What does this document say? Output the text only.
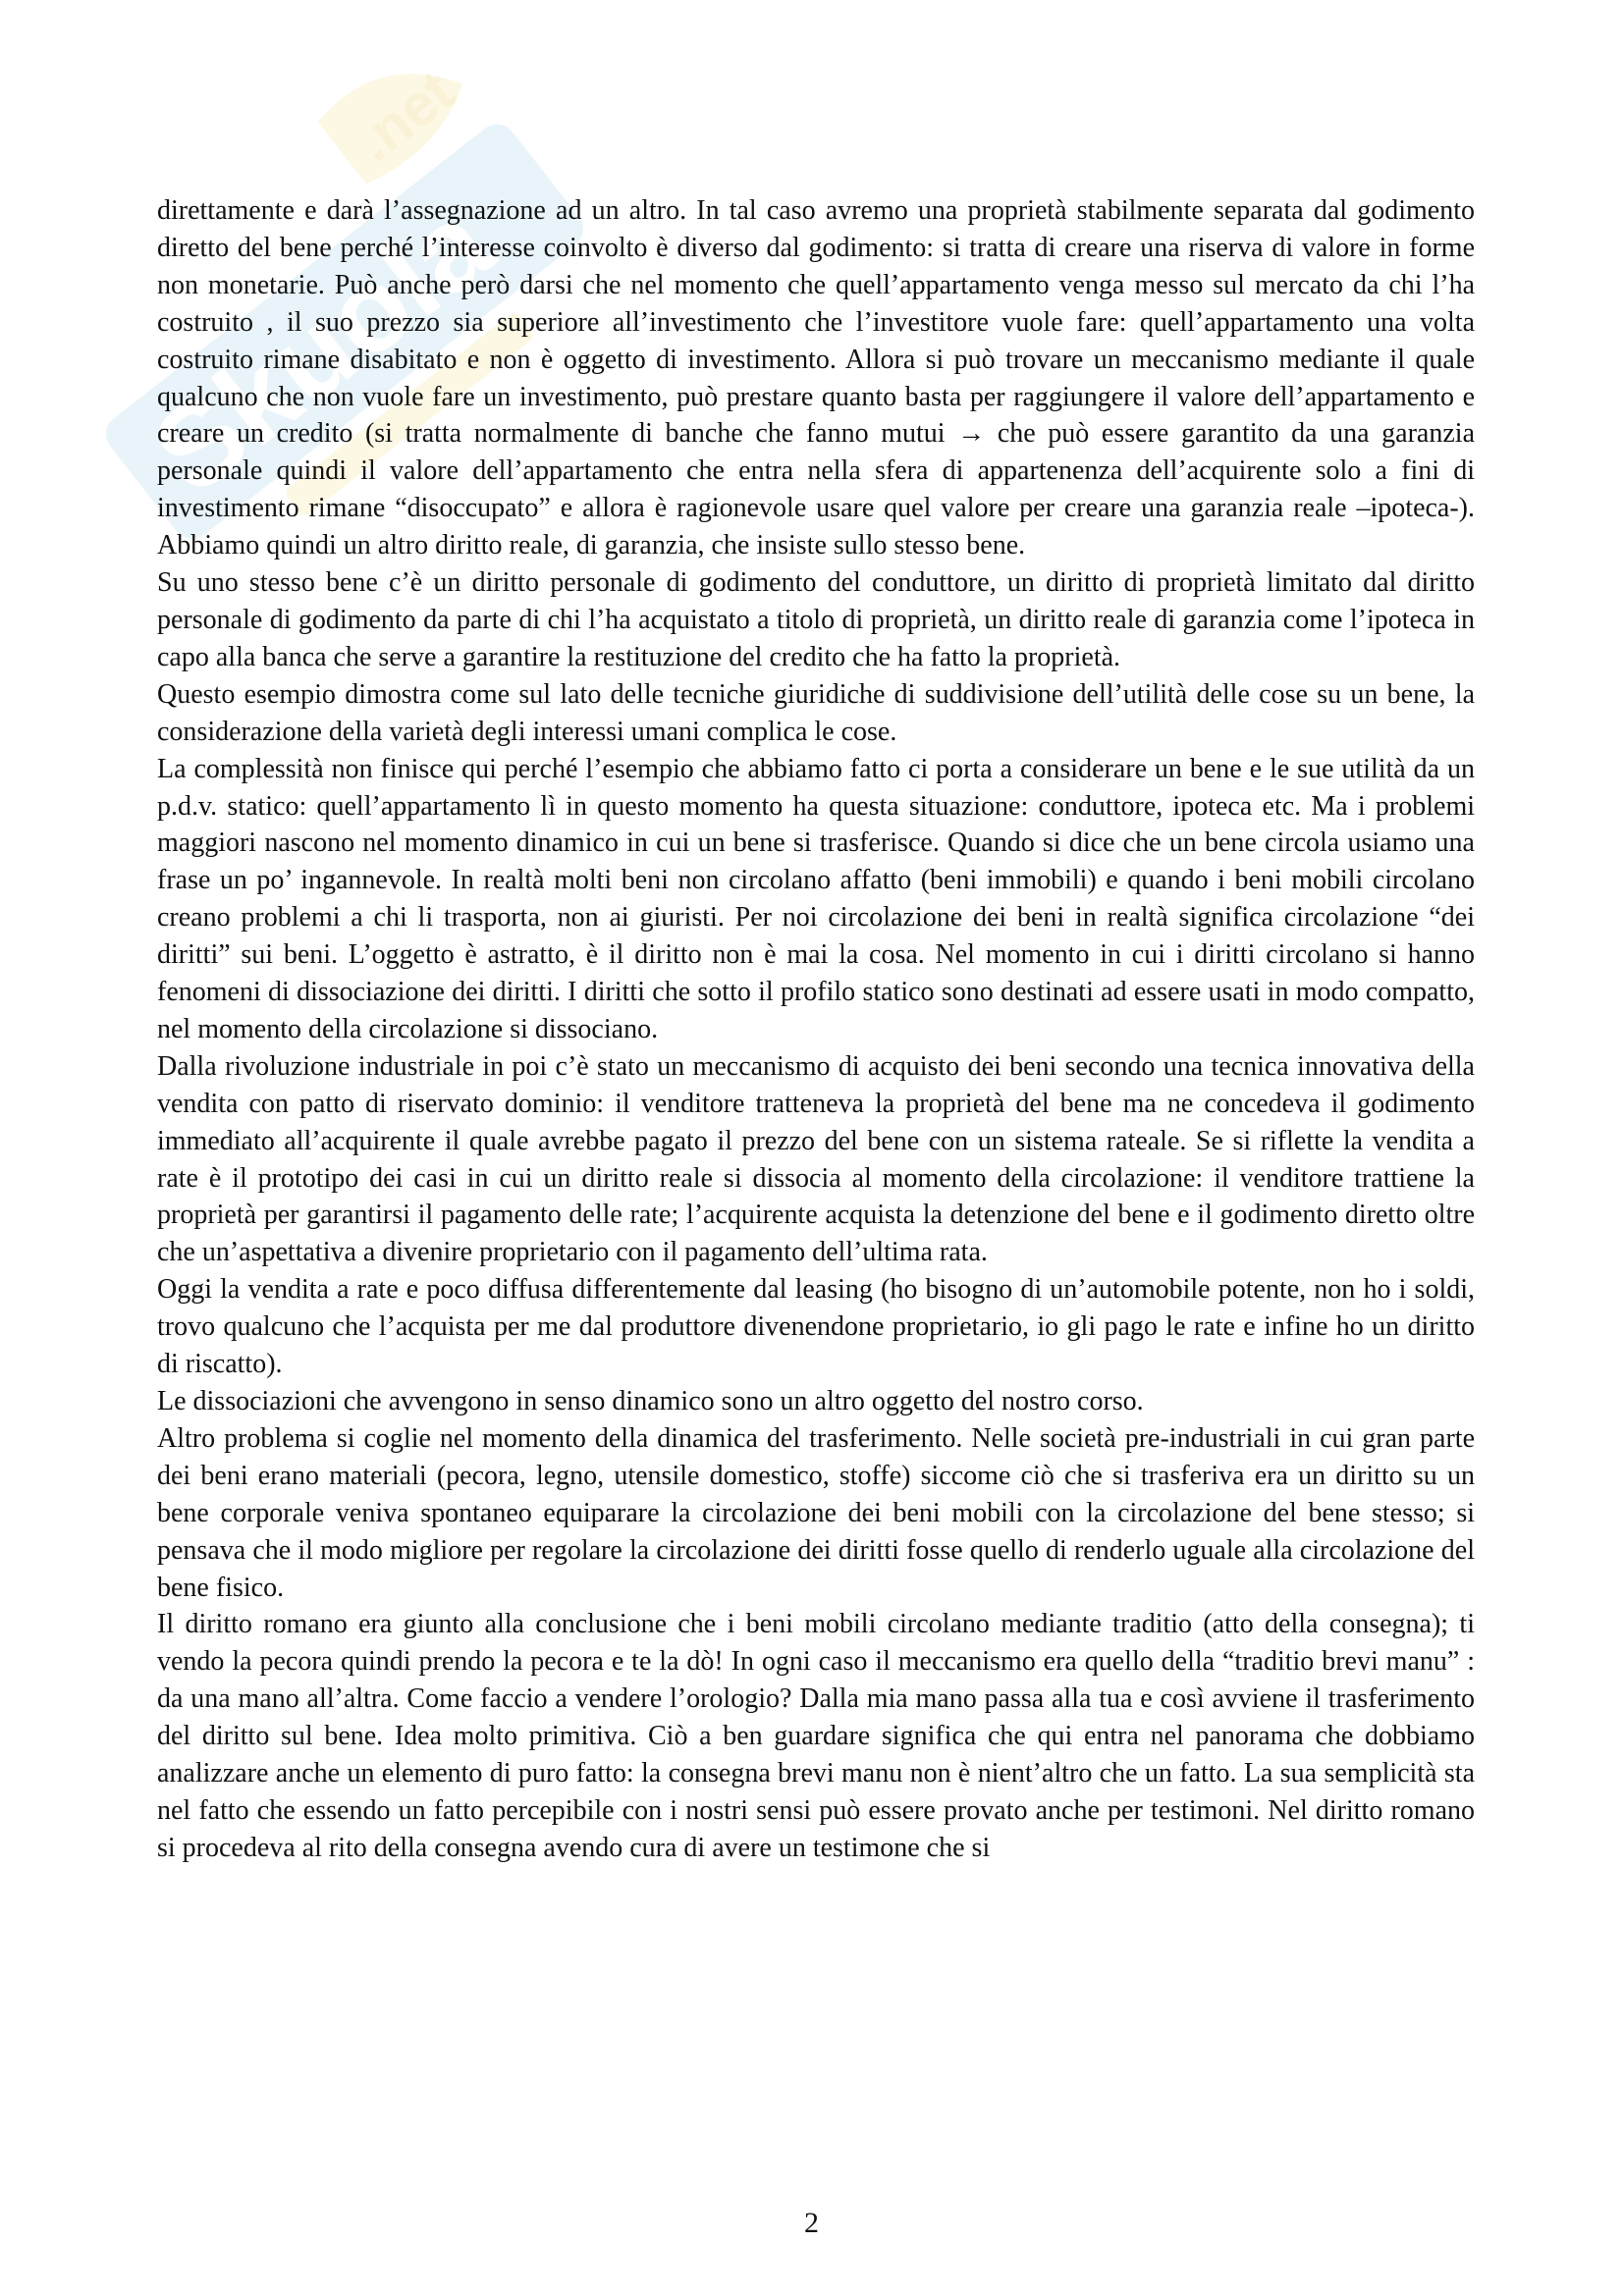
Skuola
.net

direttamente e darà l’assegnazione ad un altro. In tal caso avremo una proprietà stabilmente separata dal godimento diretto del bene perché l’interesse coinvolto è diverso dal godimento: si tratta di creare una riserva di valore in forme non monetarie. Può anche però darsi che nel momento che quell’appartamento venga messo sul mercato da chi l’ha costruito , il suo prezzo sia superiore all’investimento che l’investitore vuole fare: quell’appartamento una volta costruito rimane disabitato e non è oggetto di investimento. Allora si può trovare un meccanismo mediante il quale qualcuno che non vuole fare un investimento, può prestare quanto basta per raggiungere il valore dell’appartamento e creare un credito (si tratta normalmente di banche che fanno mutui → che può essere garantito da una garanzia personale quindi il valore dell’appartamento che entra nella sfera di appartenenza dell’acquirente solo a fini di investimento rimane “disoccupato” e allora è ragionevole usare quel valore per creare una garanzia reale –ipoteca-). Abbiamo quindi un altro diritto reale, di garanzia, che insiste sullo stesso bene.

Su uno stesso bene c’è un diritto personale di godimento del conduttore, un diritto di proprietà limitato dal diritto personale di godimento da parte di chi l’ha acquistato a titolo di proprietà, un diritto reale di garanzia come l’ipoteca in capo alla banca che serve a garantire la restituzione del credito che ha fatto la proprietà.

Questo esempio dimostra come sul lato delle tecniche giuridiche di suddivisione dell’utilità delle cose su un bene, la considerazione della varietà degli interessi umani complica le cose.

La complessità non finisce qui perché l’esempio che abbiamo fatto ci porta a considerare un bene e le sue utilità da un p.d.v. statico: quell’appartamento lì in questo momento ha questa situazione: conduttore, ipoteca etc. Ma i problemi maggiori nascono nel momento dinamico in cui un bene si trasferisce. Quando si dice che un bene circola usiamo una frase un po’ ingannevole. In realtà molti beni non circolano affatto (beni immobili) e quando i beni mobili circolano creano problemi a chi li trasporta, non ai giuristi. Per noi circolazione dei beni in realtà significa circolazione “dei diritti” sui beni. L’oggetto è astratto, è il diritto non è mai la cosa. Nel momento in cui i diritti circolano si hanno fenomeni di dissociazione dei diritti. I diritti che sotto il profilo statico sono destinati ad essere usati in modo compatto, nel momento della circolazione si dissociano.

Dalla rivoluzione industriale in poi c’è stato un meccanismo di acquisto dei beni secondo una tecnica innovativa della vendita con patto di riservato dominio: il venditore tratteneva la proprietà del bene ma ne concedeva il godimento immediato all’acquirente il quale avrebbe pagato il prezzo del bene con un sistema rateale. Se si riflette la vendita a rate è il prototipo dei casi in cui un diritto reale si dissocia al momento della circolazione: il venditore trattiene la proprietà per garantirsi il pagamento delle rate; l’acquirente acquista la detenzione del bene e il godimento diretto oltre che un’aspettativa a divenire proprietario con il pagamento dell’ultima rata.

Oggi la vendita a rate e poco diffusa differentemente dal leasing (ho bisogno di un’automobile potente, non ho i soldi, trovo qualcuno che l’acquista per me dal produttore divenendone proprietario, io gli pago le rate e infine ho un diritto di riscatto).

Le dissociazioni che avvengono in senso dinamico sono un altro oggetto del nostro corso.

Altro problema si coglie nel momento della dinamica del trasferimento. Nelle società pre-industriali in cui gran parte dei beni erano materiali (pecora, legno, utensile domestico, stoffe) siccome ciò che si trasferiva era un diritto su un bene corporale veniva spontaneo equiparare la circolazione dei beni mobili con la circolazione del bene stesso; si pensava che il modo migliore per regolare la circolazione dei diritti fosse quello di renderlo uguale alla circolazione del bene fisico.

Il diritto romano era giunto alla conclusione che i beni mobili circolano mediante traditio (atto della consegna); ti vendo la pecora quindi prendo la pecora e te la dò! In ogni caso il meccanismo era quello della “traditio brevi manu” : da una mano all’altra. Come faccio a vendere l’orologio? Dalla mia mano passa alla tua e così avviene il trasferimento del diritto sul bene. Idea molto primitiva. Ciò a ben guardare significa che qui entra nel panorama che dobbiamo analizzare anche un elemento di puro fatto: la consegna brevi manu non è nient’altro che un fatto. La sua semplicità sta nel fatto che essendo un fatto percepibile con i nostri sensi può essere provato anche per testimoni. Nel diritto romano si procedeva al rito della consegna avendo cura di avere un testimone che si

2
